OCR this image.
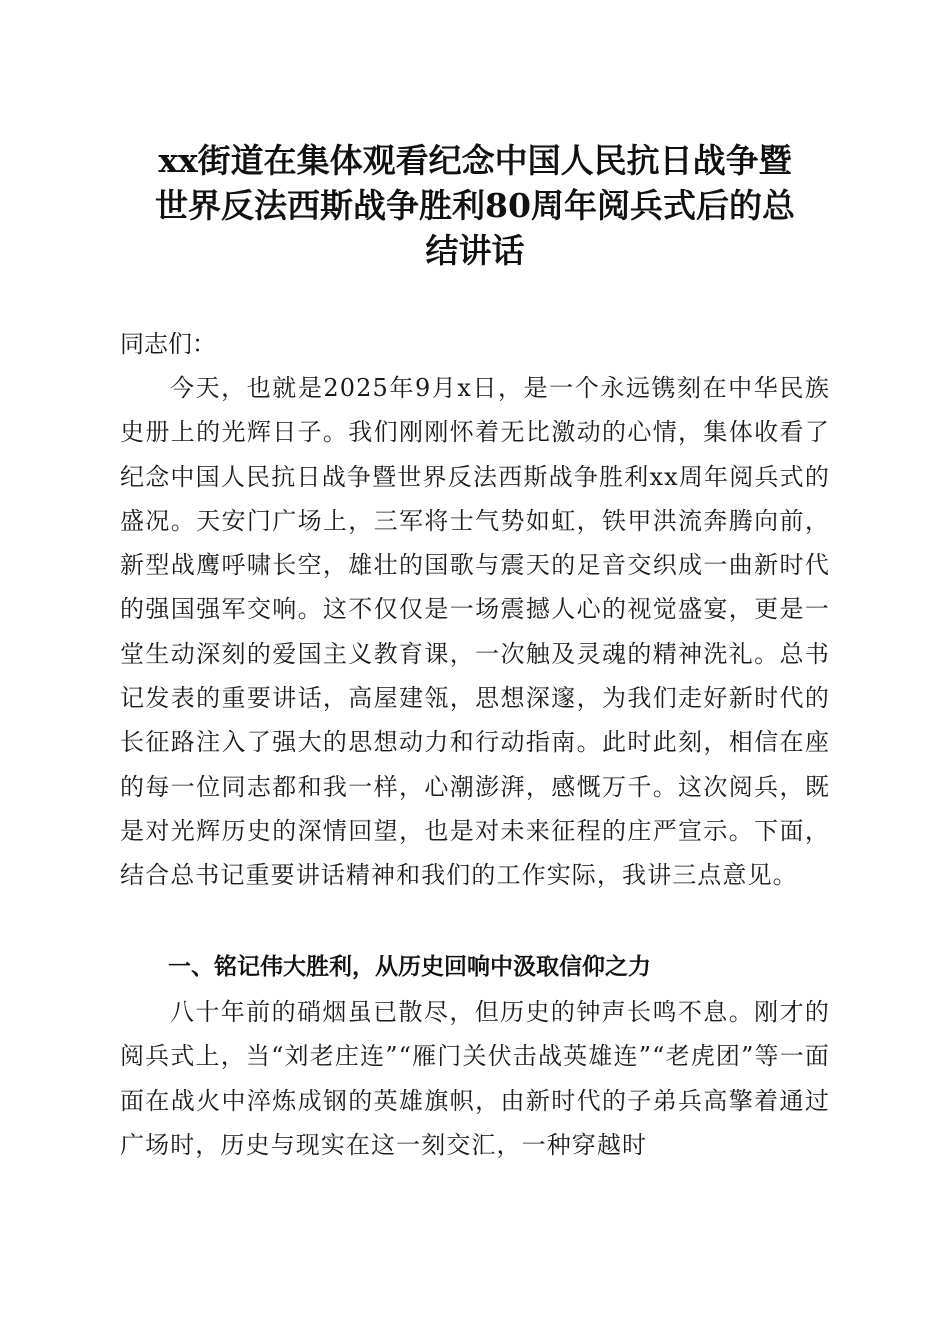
xx街道在集体观看纪念中国人民抗日战争暨
世界反法西斯战争胜利80周年阅兵式后的总
结讲话

同志们：

今天，也就是2025年9月x日，是一个永远镌刻在中华民族史册上的光辉日子。我们刚刚怀着无比激动的心情，集体收看了纪念中国人民抗日战争暨世界反法西斯战争胜利xx周年阅兵式的盛况。天安门广场上，三军将士气势如虹，铁甲洪流奔腾向前，新型战鹰呼啸长空，雄壮的国歌与震天的足音交织成一曲新时代的强国强军交响。这不仅仅是一场震撼人心的视觉盛宴，更是一堂生动深刻的爱国主义教育课，一次触及灵魂的精神洗礼。总书记发表的重要讲话，高屋建瓴，思想深邃，为我们走好新时代的长征路注入了强大的思想动力和行动指南。此时此刻，相信在座的每一位同志都和我一样，心潮澎湃，感慨万千。这次阅兵，既是对光辉历史的深情回望，也是对未来征程的庄严宣示。下面，结合总书记重要讲话精神和我们的工作实际，我讲三点意见。

一、铭记伟大胜利，从历史回响中汲取信仰之力

八十年前的硝烟虽已散尽，但历史的钟声长鸣不息。刚才的阅兵式上，当“刘老庄连”“雁门关伏击战英雄连”“老虎团”等一面面在战火中淬炼成钢的英雄旗帜，由新时代的子弟兵高擎着通过广场时，历史与现实在这一刻交汇，一种穿越时
